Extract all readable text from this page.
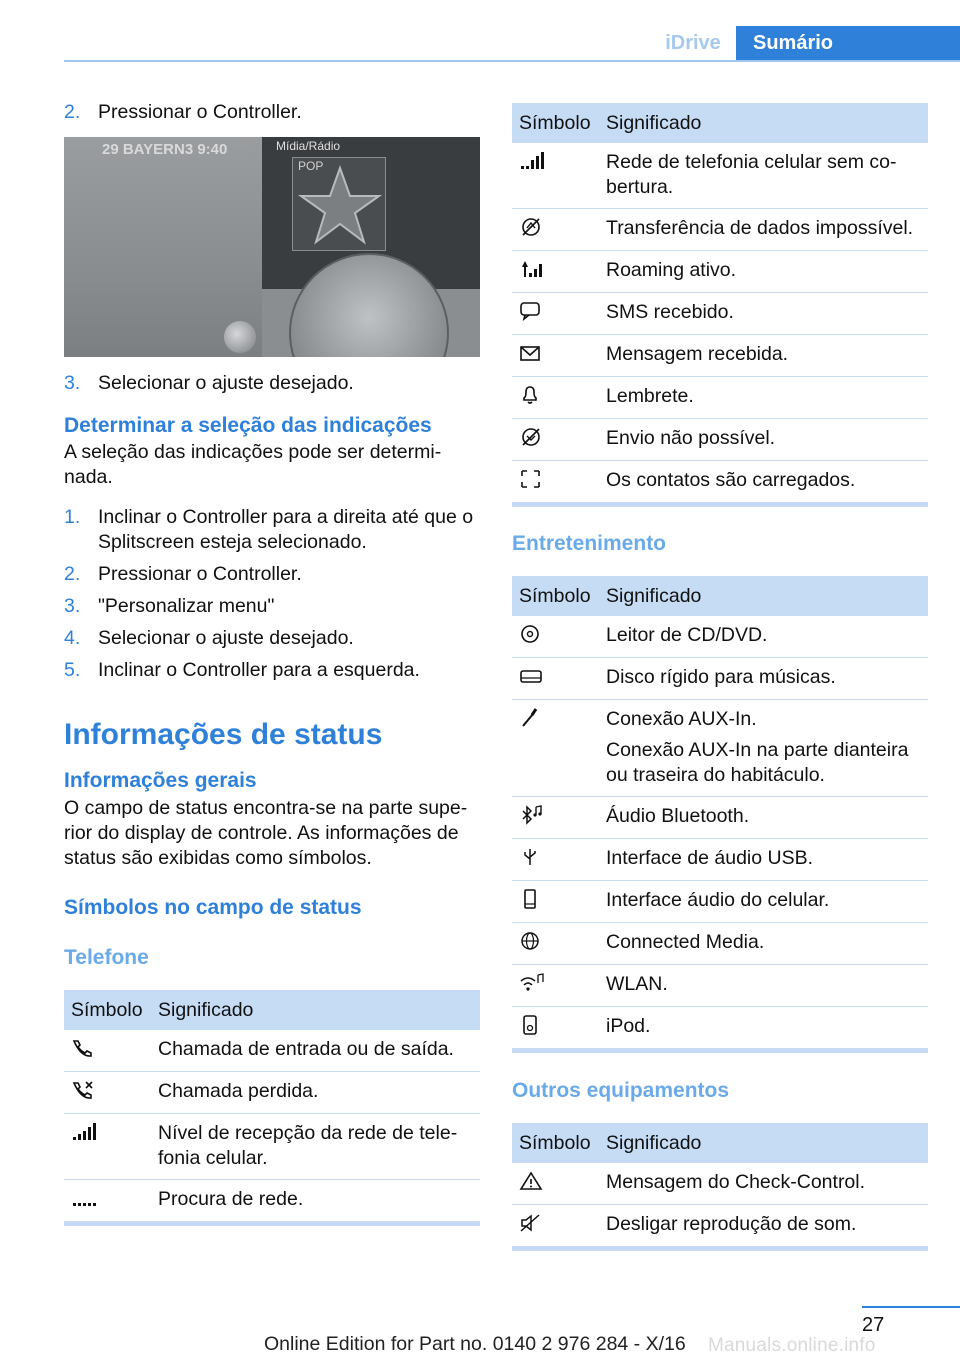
iDrive	Sumário
2. Pressionar o Controller.
29 BAYERN3 9:40	Mídia/Rádio
POP
3. Selecionar o ajuste desejado.
Determinar a seleção das indicações
A seleção das indicações pode ser determi‐nada.
1. Inclinar o Controller para a direita até que o Splitscreen esteja selecionado.
2. Pressionar o Controller.
3. "Personalizar menu"
4. Selecionar o ajuste desejado.
5. Inclinar o Controller para a esquerda.
Informações de status
Informações gerais
O campo de status encontra-se na parte supe‐rior do display de controle. As informações de status são exibidas como símbolos.
Símbolos no campo de status
Telefone
Símbolo	Significado
	Chamada de entrada ou de saída.
	Chamada perdida.
	Nível de recepção da rede de tele‐fonia celular.
	Procura de rede.
Símbolo	Significado
	Rede de telefonia celular sem co‐bertura.
	Transferência de dados impossível.
	Roaming ativo.
	SMS recebido.
	Mensagem recebida.
	Lembrete.
	Envio não possível.
	Os contatos são carregados.
Entretenimento
Símbolo	Significado
	Leitor de CD/DVD.
	Disco rígido para músicas.

Conexão AUX-In.
Conexão AUX-In na parte dianteira ou traseira do habitáculo.

	Áudio Bluetooth.
	Interface de áudio USB.
	Interface áudio do celular.
	Connected Media.
	WLAN.
	iPod.
Outros equipamentos
Símbolo	Significado
	Mensagem do Check-Control.
	Desligar reprodução de som.
27
Online Edition for Part no. 0140 2 976 284 - X/16	Manuals.online.info
